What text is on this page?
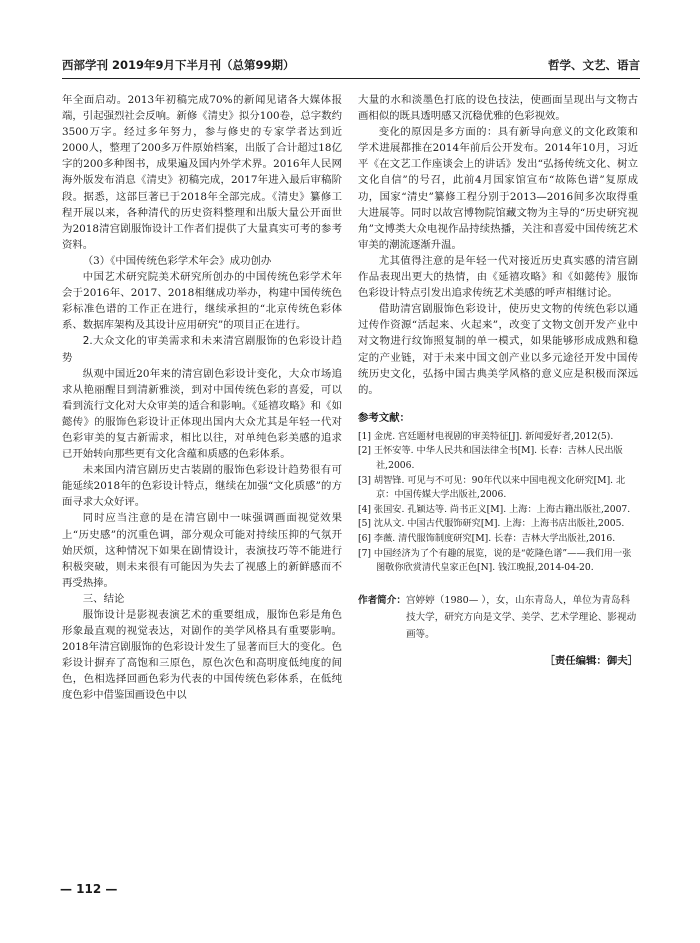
西部学刊 2019年9月下半月刊（总第99期）	哲学、文艺、语言

年全面启动。2013年初稿完成70%的新闻见诸各大媒体报端，引起强烈社会反响。新修《清史》拟分100卷，总字数约3500万字。经过多年努力，参与修史的专家学者达到近2000人，整理了200多万件原始档案，出版了合计超过18亿字的200多种图书，成果遍及国内外学术界。2016年人民网海外版发布消息《清史》初稿完成，2017年进入最后审稿阶段。据悉，这部巨著已于2018年全部完成。《清史》纂修工程开展以来，各种清代的历史资料整理和出版大量公开面世为2018清宫剧服饰设计工作者们提供了大量真实可考的参考资料。

（3）《中国传统色彩学术年会》成功创办

中国艺术研究院美术研究所创办的中国传统色彩学术年会于2016年、2017、2018相继成功举办，构建中国传统色彩标准色谱的工作正在进行，继续承担的“北京传统色彩体系、数据库架构及其设计应用研究”的项目正在进行。

2.大众文化的审美需求和未来清宫剧服饰的色彩设计趋势

纵观中国近20年来的清宫剧色彩设计变化，大众市场追求从艳丽醒目到清新雅淡，到对中国传统色彩的喜爱，可以看到流行文化对大众审美的适合和影响。《延禧攻略》和《如懿传》的服饰色彩设计正体现出国内大众尤其是年轻一代对色彩审美的复古新需求，相比以往，对单纯色彩美感的追求已开始转向那些更有文化含蕴和质感的色彩体系。

未来国内清宫剧历史古装剧的服饰色彩设计趋势很有可能延续2018年的色彩设计特点，继续在加强“文化质感”的方面寻求大众好评。

同时应当注意的是在清宫剧中一味强调画面视觉效果上“历史感”的沉重色调，部分观众可能对持续压抑的气氛开始厌烦，这种情况下如果在剧情设计，表演技巧等不能进行积极突破，则未来很有可能因为失去了视感上的新鲜感而不再受热捧。

三、结论

服饰设计是影视表演艺术的重要组成，服饰色彩是角色形象最直观的视觉表达，对剧作的美学风格具有重要影响。2018年清宫剧服饰的色彩设计发生了显著而巨大的变化。色彩设计摒弃了高饱和三原色，原色次色和高明度低纯度的间色，色相选择回画色彩为代表的中国传统色彩体系，在低纯度色彩中借鉴国画设色中以

大量的水和淡墨色打底的设色技法，使画面呈现出与文物古画相似的既具透明感又沉稳优雅的色彩视效。

变化的原因是多方面的：具有新导向意义的文化政策和学术进展都推在2014年前后公开发布。2014年10月，习近平《在文艺工作座谈会上的讲话》发出“弘扬传统文化、树立文化自信”的号召，此前4月国家馆宣布“故陈色谱”复原成功，国家“清史”纂修工程分别于2013—2016间多次取得重大进展等。同时以故宫博物院馆藏文物为主导的“历史研究视角”文博类大众电视作品持续热播，关注和喜爱中国传统艺术审美的潮流逐渐升温。

尤其值得注意的是年轻一代对接近历史真实感的清宫剧作品表现出更大的热情，由《延禧攻略》和《如懿传》服饰色彩设计特点引发出追求传统艺术美感的呼声相继讨论。

借助清宫剧服饰色彩设计，使历史文物的传统色彩以通过传作资源“活起来、火起来”，改变了文物文创开发产业中对文物进行纹饰照复制的单一模式，如果能够形成成熟和稳定的产业链，对于未来中国文创产业以多元途径开发中国传统历史文化，弘扬中国古典美学风格的意义应是积极而深远的。

参考文献：

[1] 金虎. 宫廷题材电视剧的审美特征[J]. 新闻爱好者,2012(5).
[2] 王怀安等. 中华人民共和国法律全书[M]. 长春：吉林人民出版社,2006.
[3] 胡智锋. 可见与不可见：90年代以来中国电视文化研究[M]. 北京：中国传媒大学出版社,2006.
[4] 张国安. 孔颖达等. 尚书正义[M]. 上海：上海古籍出版社,2007.
[5] 沈从文. 中国古代服饰研究[M]. 上海：上海书店出版社,2005.
[6] 李薇. 清代服饰制度研究[M]. 长春：吉林大学出版社,2016.
[7] 中国经济为了个有趣的展览，说的是“乾隆色谱”——我们用一张图敬你欣赏清代皇家正色[N]. 钱江晚报,2014-04-20.
作者简介： 宫婷婷（1980— ），女，山东青岛人，单位为青岛科技大学，研究方向是文学、美学、艺术学理论、影视动画等。
［责任编辑：御夫］
— 112 —
